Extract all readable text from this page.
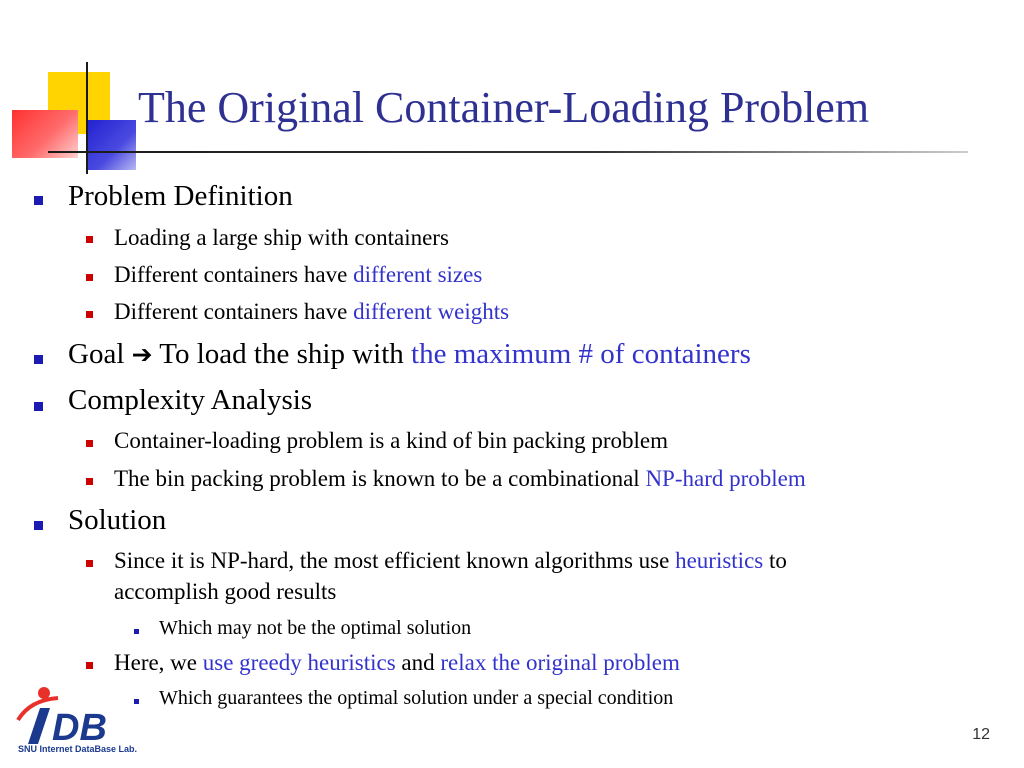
The Original Container-Loading Problem
Problem Definition
Loading a large ship with containers
Different containers have different sizes
Different containers have different weights
Goal ➔ To load the ship with the maximum # of containers
Complexity Analysis
Container-loading problem is a kind of bin packing problem
The bin packing problem is known to be a combinational NP-hard problem
Solution
Since it is NP-hard, the most efficient known algorithms use heuristics to
accomplish good results
Which may not be the optimal solution
Here, we use greedy heuristics and relax the original problem
Which guarantees the optimal solution under a special condition
DB
SNU Internet DataBase Lab.
12
